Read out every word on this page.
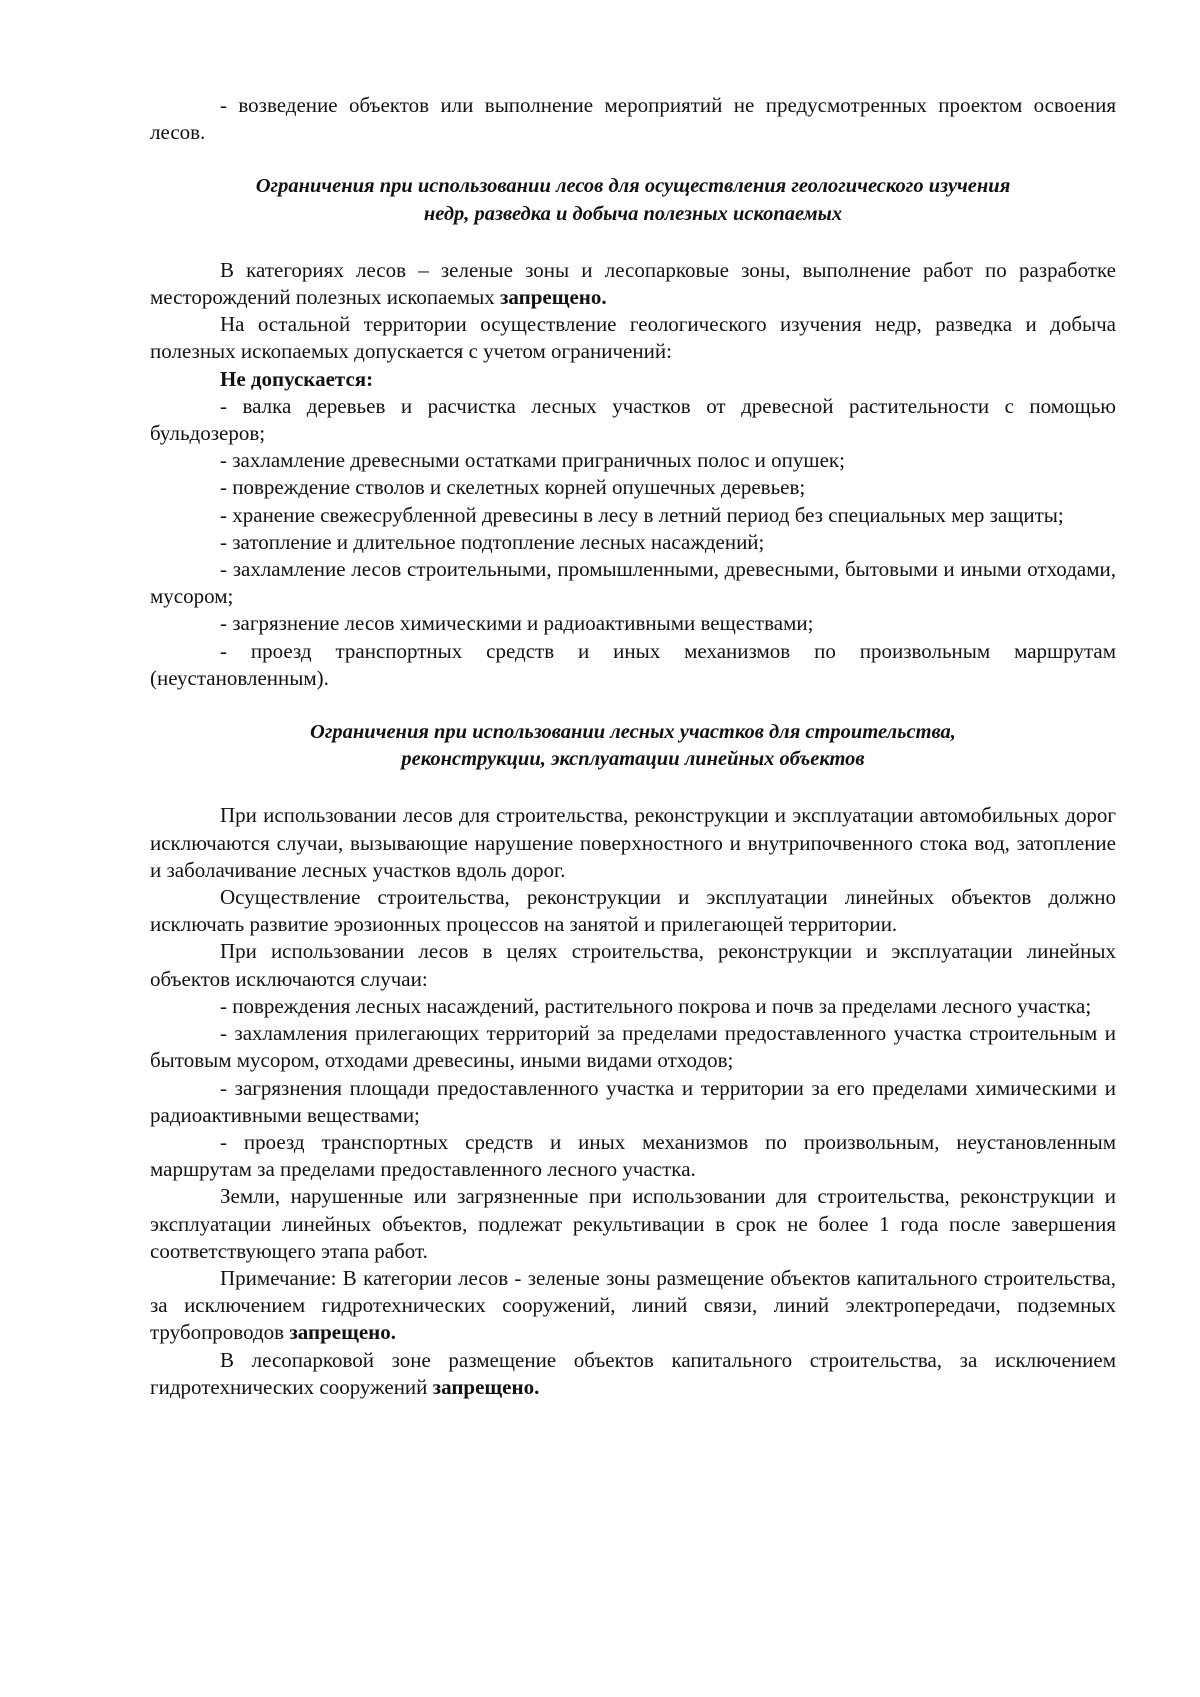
- возведение объектов или выполнение мероприятий не предусмотренных проектом освоения лесов.

Ограничения при использовании лесов для осуществления геологического изучения
недр, разведка и добыча полезных ископаемых

В категориях лесов – зеленые зоны и лесопарковые зоны, выполнение работ по разработке месторождений полезных ископаемых запрещено.

На остальной территории осуществление геологического изучения недр, разведка и добыча полезных ископаемых допускается с учетом ограничений:

Не допускается:

- валка деревьев и расчистка лесных участков от древесной растительности с помощью бульдозеров;

- захламление древесными остатками приграничных полос и опушек;

- повреждение стволов и скелетных корней опушечных деревьев;

- хранение свежесрубленной древесины в лесу в летний период без специальных мер защиты;

- затопление и длительное подтопление лесных насаждений;

- захламление лесов строительными, промышленными, древесными, бытовыми и иными отходами, мусором;

- загрязнение лесов химическими и радиоактивными веществами;

- проезд транспортных средств и иных механизмов по произвольным маршрутам (неустановленным).

Ограничения при использовании лесных участков для строительства,
реконструкции, эксплуатации линейных объектов

При использовании лесов для строительства, реконструкции и эксплуатации автомобильных дорог исключаются случаи, вызывающие нарушение поверхностного и внутрипочвенного стока вод, затопление и заболачивание лесных участков вдоль дорог.

Осуществление строительства, реконструкции и эксплуатации линейных объектов должно исключать развитие эрозионных процессов на занятой и прилегающей территории.

При использовании лесов в целях строительства, реконструкции и эксплуатации линейных объектов исключаются случаи:

- повреждения лесных насаждений, растительного покрова и почв за пределами лесного участка;

- захламления прилегающих территорий за пределами предоставленного участка строительным и бытовым мусором, отходами древесины, иными видами отходов;

- загрязнения площади предоставленного участка и территории за его пределами химическими и радиоактивными веществами;

- проезд транспортных средств и иных механизмов по произвольным, неустановленным маршрутам за пределами предоставленного лесного участка.

Земли, нарушенные или загрязненные при использовании для строительства, реконструкции и эксплуатации линейных объектов, подлежат рекультивации в срок не более 1 года после завершения соответствующего этапа работ.

Примечание: В категории лесов - зеленые зоны размещение объектов капитального строительства, за исключением гидротехнических сооружений, линий связи, линий электропередачи, подземных трубопроводов запрещено.

В лесопарковой зоне размещение объектов капитального строительства, за исключением гидротехнических сооружений запрещено.
